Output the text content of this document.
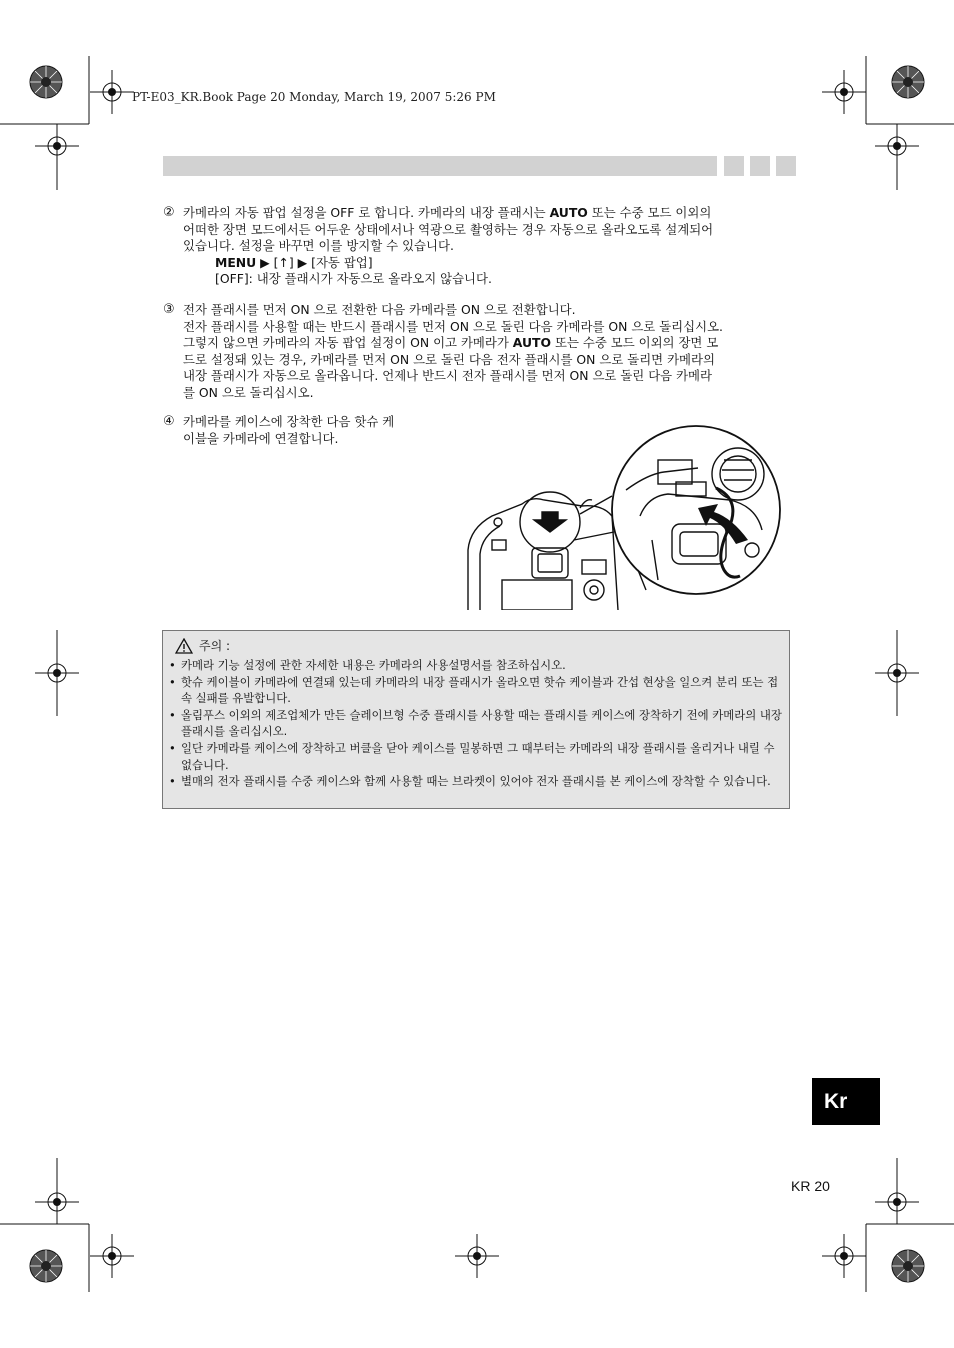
PT-E03_KR.Book Page 20 Monday, March 19, 2007 5:26 PM
② 카메라의 자동 팝업 설정을 OFF 로 합니다. 카메라의 내장 플래시는 AUTO 또는 수중 모드 이외의
어떠한 장면 모드에서든 어두운 상태에서나 역광으로 촬영하는 경우 자동으로 올라오도록 설계되어
있습니다. 설정을 바꾸면 이를 방지할 수 있습니다.
MENU ▶ [↑] ▶ [자동 팝업]
[OFF]: 내장 플래시가 자동으로 올라오지 않습니다.
③ 전자 플래시를 먼저 ON 으로 전환한 다음 카메라를 ON 으로 전환합니다.
전자 플래시를 사용할 때는 반드시 플래시를 먼저 ON 으로 돌린 다음 카메라를 ON 으로 돌리십시오.
그렇지 않으면 카메라의 자동 팝업 설정이 ON 이고 카메라가 AUTO 또는 수중 모드 이외의 장면 모
드로 설정돼 있는 경우, 카메라를 먼저 ON 으로 돌린 다음 전자 플래시를 ON 으로 돌리면 카메라의
내장 플래시가 자동으로 올라옵니다. 언제나 반드시 전자 플래시를 먼저 ON 으로 돌린 다음 카메라
를 ON 으로 돌리십시오.
④ 카메라를 케이스에 장착한 다음 핫슈 케
이블을 카메라에 연결합니다.
주의 :
• 카메라 기능 설정에 관한 자세한 내용은 카메라의 사용설명서를 참조하십시오.
• 핫슈 케이블이 카메라에 연결돼 있는데 카메라의 내장 플래시가 올라오면 핫슈 케이블과 간섭 현상을 일으켜 분리 또는 접속 실패를 유발합니다.
• 올림푸스 이외의 제조업체가 만든 슬레이브형 수중 플래시를 사용할 때는 플래시를 케이스에 장착하기 전에 카메라의 내장 플래시를 올리십시오.
• 일단 카메라를 케이스에 장착하고 버클을 닫아 케이스를 밀봉하면 그 때부터는 카메라의 내장 플래시를 올리거나 내릴 수 없습니다.
• 별매의 전자 플래시를 수중 케이스와 함께 사용할 때는 브라켓이 있어야 전자 플래시를 본 케이스에 장착할 수 있습니다.
Kr
KR 20
